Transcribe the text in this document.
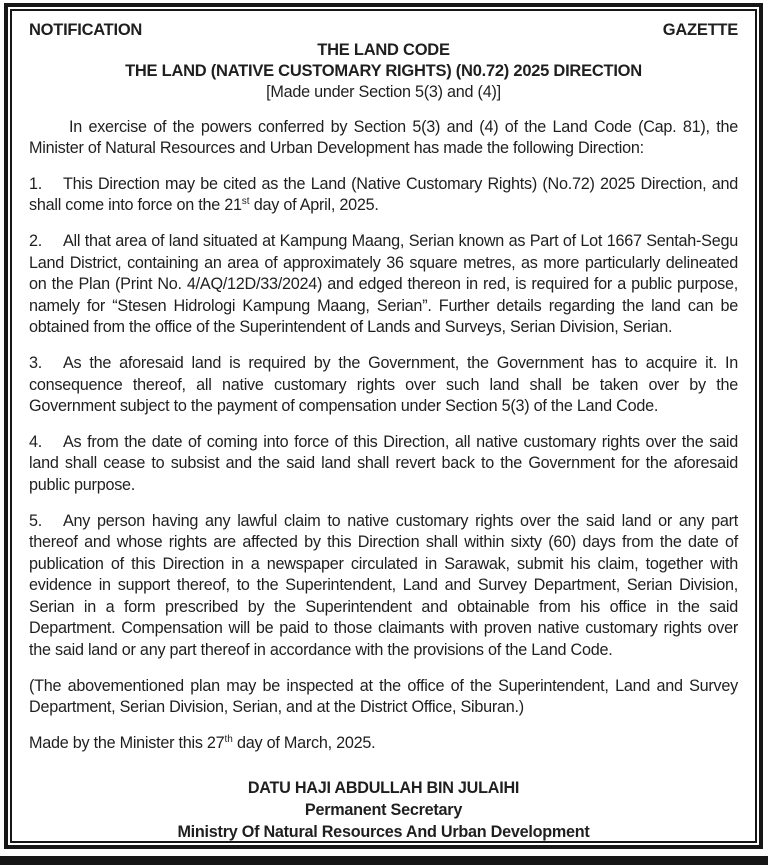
NOTIFICATION	GAZETTE
THE LAND CODE
THE LAND (NATIVE CUSTOMARY RIGHTS) (N0.72) 2025 DIRECTION
[Made under Section 5(3) and (4)]

In exercise of the powers conferred by Section 5(3) and (4) of the Land Code (Cap. 81), the Minister of Natural Resources and Urban Development has made the following Direction:

1. This Direction may be cited as the Land (Native Customary Rights) (No.72) 2025 Direction, and shall come into force on the 21st day of April, 2025.

2. All that area of land situated at Kampung Maang, Serian known as Part of Lot 1667 Sentah-Segu Land District, containing an area of approximately 36 square metres, as more particularly delineated on the Plan (Print No. 4/AQ/12D/33/2024) and edged thereon in red, is required for a public purpose, namely for “Stesen Hidrologi Kampung Maang, Serian”. Further details regarding the land can be obtained from the office of the Superintendent of Lands and Surveys, Serian Division, Serian.

3. As the aforesaid land is required by the Government, the Government has to acquire it. In consequence thereof, all native customary rights over such land shall be taken over by the Government subject to the payment of compensation under Section 5(3) of the Land Code.

4. As from the date of coming into force of this Direction, all native customary rights over the said land shall cease to subsist and the said land shall revert back to the Government for the aforesaid public purpose.

5. Any person having any lawful claim to native customary rights over the said land or any part thereof and whose rights are affected by this Direction shall within sixty (60) days from the date of publication of this Direction in a newspaper circulated in Sarawak, submit his claim, together with evidence in support thereof, to the Superintendent, Land and Survey Department, Serian Division, Serian in a form prescribed by the Superintendent and obtainable from his office in the said Department. Compensation will be paid to those claimants with proven native customary rights over the said land or any part thereof in accordance with the provisions of the Land Code.

(The abovementioned plan may be inspected at the office of the Superintendent, Land and Survey Department, Serian Division, Serian, and at the District Office, Siburan.)

Made by the Minister this 27th day of March, 2025.

DATU HAJI ABDULLAH BIN JULAIHI
Permanent Secretary
Ministry Of Natural Resources And Urban Development
